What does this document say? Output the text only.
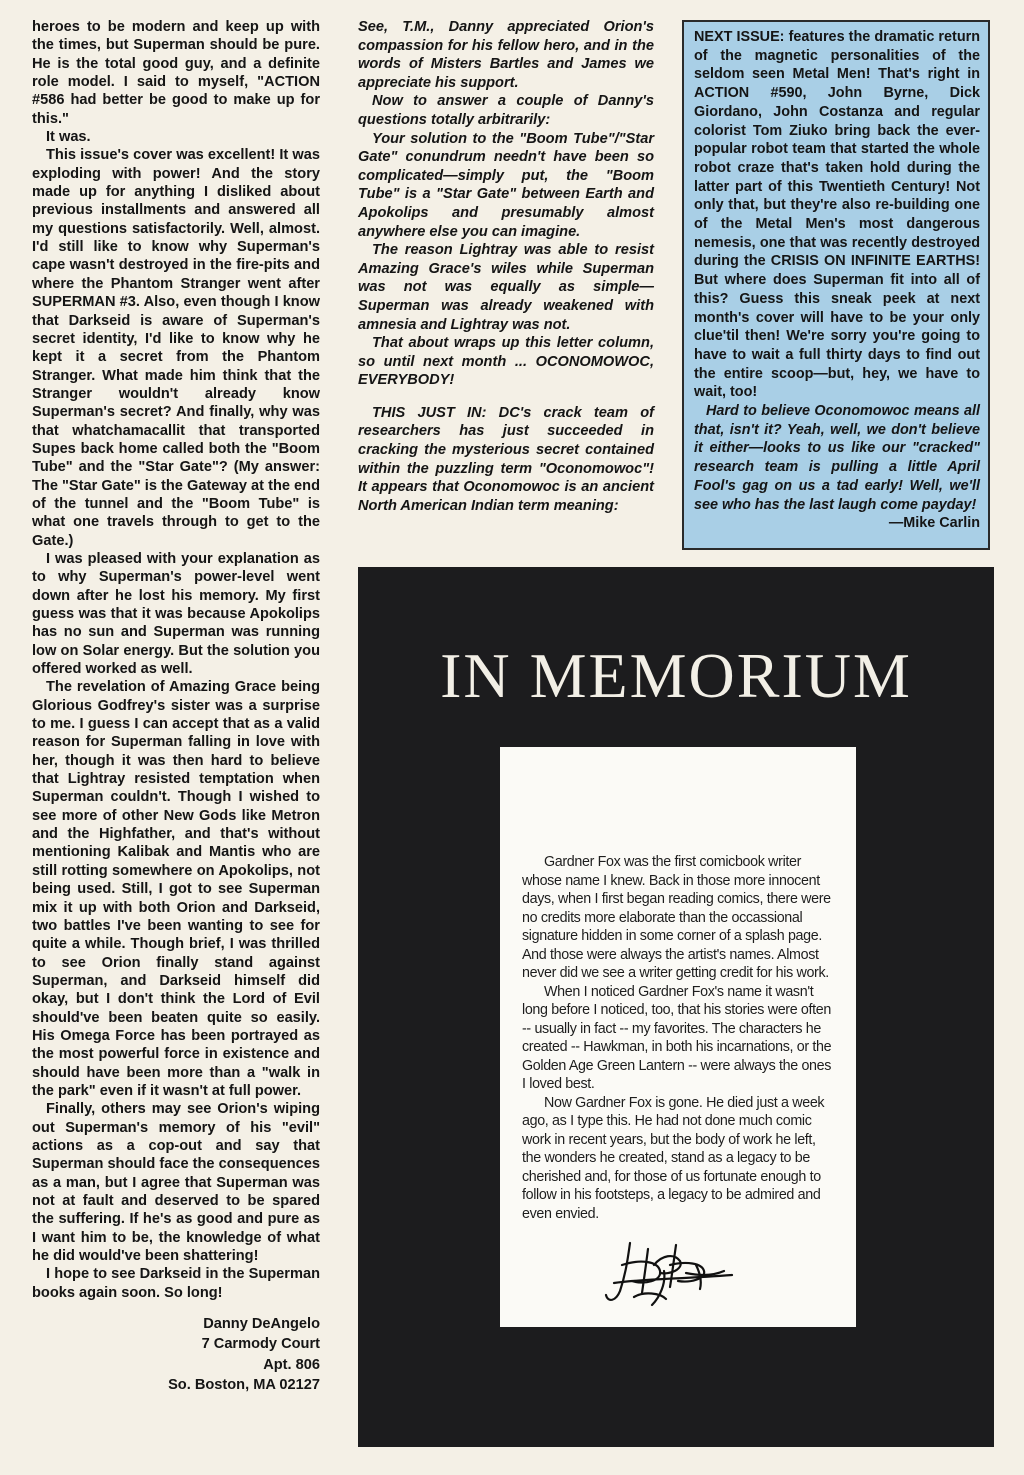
heroes to be modern and keep up with the times, but Superman should be pure. He is the total good guy, and a definite role model. I said to myself, "ACTION #586 had better be good to make up for this."

It was.

This issue's cover was excellent! It was exploding with power! And the story made up for anything I disliked about previous installments and answered all my questions satisfactorily. Well, almost. I'd still like to know why Superman's cape wasn't destroyed in the fire-pits and where the Phantom Stranger went after SUPERMAN #3. Also, even though I know that Darkseid is aware of Superman's secret identity, I'd like to know why he kept it a secret from the Phantom Stranger. What made him think that the Stranger wouldn't already know Superman's secret? And finally, why was that whatchamacallit that transported Supes back home called both the "Boom Tube" and the "Star Gate"? (My answer: The "Star Gate" is the Gateway at the end of the tunnel and the "Boom Tube" is what one travels through to get to the Gate.)

I was pleased with your explanation as to why Superman's power-level went down after he lost his memory. My first guess was that it was because Apokolips has no sun and Superman was running low on Solar energy. But the solution you offered worked as well.

The revelation of Amazing Grace being Glorious Godfrey's sister was a surprise to me. I guess I can accept that as a valid reason for Superman falling in love with her, though it was then hard to believe that Lightray resisted temptation when Superman couldn't. Though I wished to see more of other New Gods like Metron and the Highfather, and that's without mentioning Kalibak and Mantis who are still rotting somewhere on Apokolips, not being used. Still, I got to see Superman mix it up with both Orion and Darkseid, two battles I've been wanting to see for quite a while. Though brief, I was thrilled to see Orion finally stand against Superman, and Darkseid himself did okay, but I don't think the Lord of Evil should've been beaten quite so easily. His Omega Force has been portrayed as the most powerful force in existence and should have been more than a "walk in the park" even if it wasn't at full power.

Finally, others may see Orion's wiping out Superman's memory of his "evil" actions as a cop-out and say that Superman should face the consequences as a man, but I agree that Superman was not at fault and deserved to be spared the suffering. If he's as good and pure as I want him to be, the knowledge of what he did would've been shattering!

I hope to see Darkseid in the Superman books again soon. So long!

Danny DeAngelo
7 Carmody Court
Apt. 806
So. Boston, MA 02127

See, T.M., Danny appreciated Orion's compassion for his fellow hero, and in the words of Misters Bartles and James we appreciate his support.

Now to answer a couple of Danny's questions totally arbitrarily:

Your solution to the "Boom Tube"/"Star Gate" conundrum needn't have been so complicated—simply put, the "Boom Tube" is a "Star Gate" between Earth and Apokolips and presumably almost anywhere else you can imagine.

The reason Lightray was able to resist Amazing Grace's wiles while Superman was not was equally as simple—Superman was already weakened with amnesia and Lightray was not.

That about wraps up this letter column, so until next month ... OCONOMOWOC, EVERYBODY!

THIS JUST IN: DC's crack team of researchers has just succeeded in cracking the mysterious secret contained within the puzzling term "Oconomowoc"! It appears that Oconomowoc is an ancient North American Indian term meaning:

NEXT ISSUE: features the dramatic return of the magnetic personalities of the seldom seen Metal Men! That's right in ACTION #590, John Byrne, Dick Giordano, John Costanza and regular colorist Tom Ziuko bring back the ever-popular robot team that started the whole robot craze that's taken hold during the latter part of this Twentieth Century! Not only that, but they're also re-building one of the Metal Men's most dangerous nemesis, one that was recently destroyed during the CRISIS ON INFINITE EARTHS! But where does Superman fit into all of this? Guess this sneak peek at next month's cover will have to be your only clue'til then! We're sorry you're going to have to wait a full thirty days to find out the entire scoop—but, hey, we have to wait, too!

Hard to believe Oconomowoc means all that, isn't it? Yeah, well, we don't believe it either—looks to us like our "cracked" research team is pulling a little April Fool's gag on us a tad early! Well, we'll see who has the last laugh come payday!

—Mike Carlin

IN MEMORIUM

Gardner Fox was the first comicbook writer whose name I knew. Back in those more innocent days, when I first began reading comics, there were no credits more elaborate than the occassional signature hidden in some corner of a splash page. And those were always the artist's names. Almost never did we see a writer getting credit for his work.

When I noticed Gardner Fox's name it wasn't long before I noticed, too, that his stories were often -- usually in fact -- my favorites. The characters he created -- Hawkman, in both his incarnations, or the Golden Age Green Lantern -- were always the ones I loved best.

Now Gardner Fox is gone. He died just a week ago, as I type this. He had not done much comic work in recent years, but the body of work he left, the wonders he created, stand as a legacy to be cherished and, for those of us fortunate enough to follow in his footsteps, a legacy to be admired and even envied.
